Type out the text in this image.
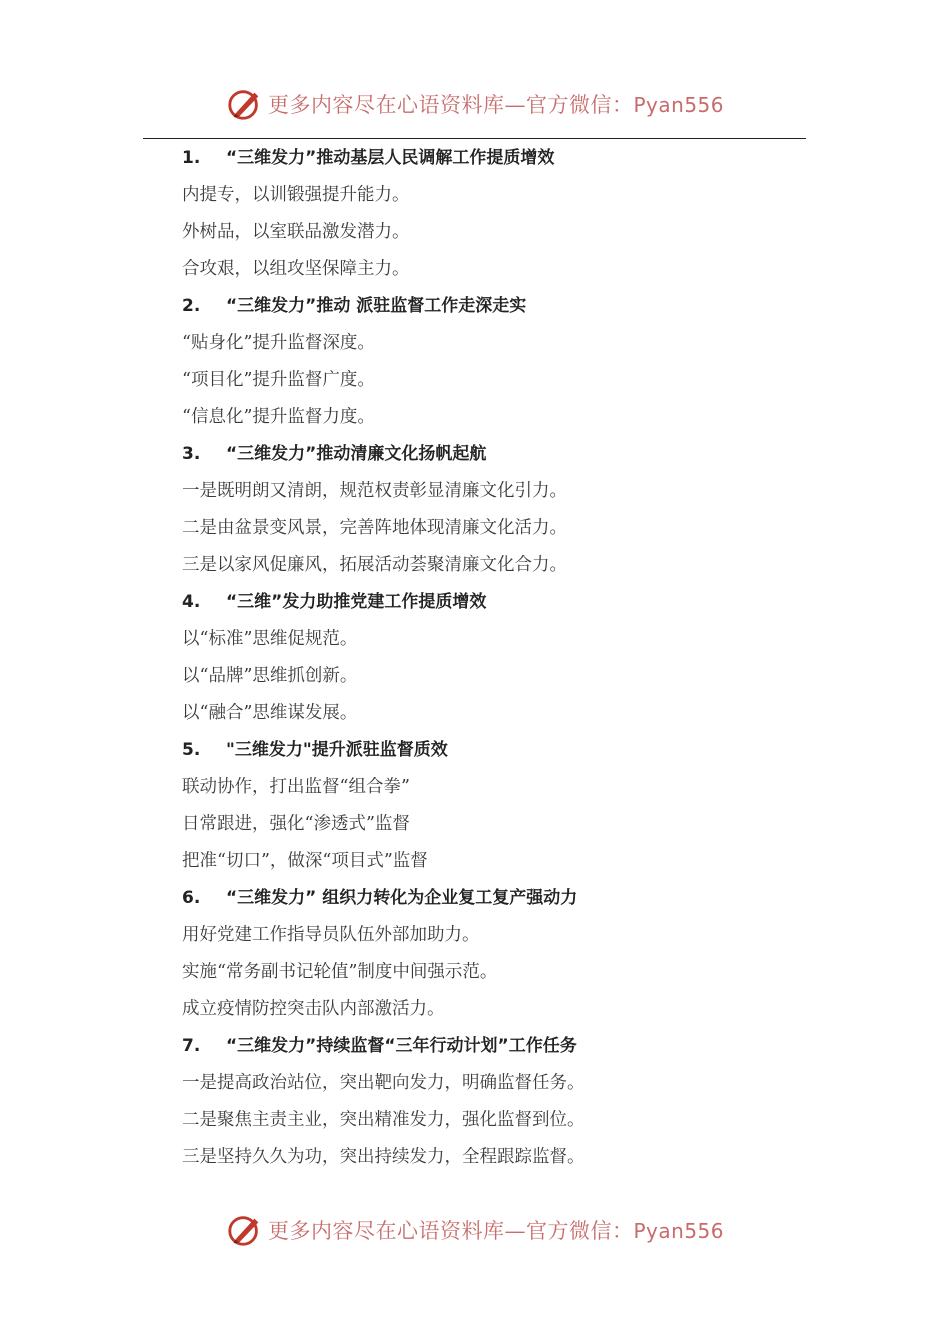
更多内容尽在心语资料库—官方微信：Pyan556
1. “三维发力”推动基层人民调解工作提质增效
内提专，以训锻强提升能力。
外树品，以室联品激发潜力。
合攻艰，以组攻坚保障主力。
2. “三维发力”推动 派驻监督工作走深走实
“贴身化”提升监督深度。
“项目化”提升监督广度。
“信息化”提升监督力度。
3. “三维发力”推动清廉文化扬帆起航
一是既明朗又清朗，规范权责彰显清廉文化引力。
二是由盆景变风景，完善阵地体现清廉文化活力。
三是以家风促廉风，拓展活动荟聚清廉文化合力。
4. “三维”发力助推党建工作提质增效
以“标准”思维促规范。
以“品牌”思维抓创新。
以“融合”思维谋发展。
5. "三维发力"提升派驻监督质效
联动协作，打出监督“组合拳”
日常跟进，强化“渗透式”监督
把准“切口”，做深“项目式”监督
6. “三维发力” 组织力转化为企业复工复产强动力
用好党建工作指导员队伍外部加助力。
实施“常务副书记轮值”制度中间强示范。
成立疫情防控突击队内部激活力。
7. “三维发力”持续监督“三年行动计划”工作任务
一是提高政治站位，突出靶向发力，明确监督任务。
二是聚焦主责主业，突出精准发力，强化监督到位。
三是坚持久久为功，突出持续发力，全程跟踪监督。
更多内容尽在心语资料库—官方微信：Pyan556
